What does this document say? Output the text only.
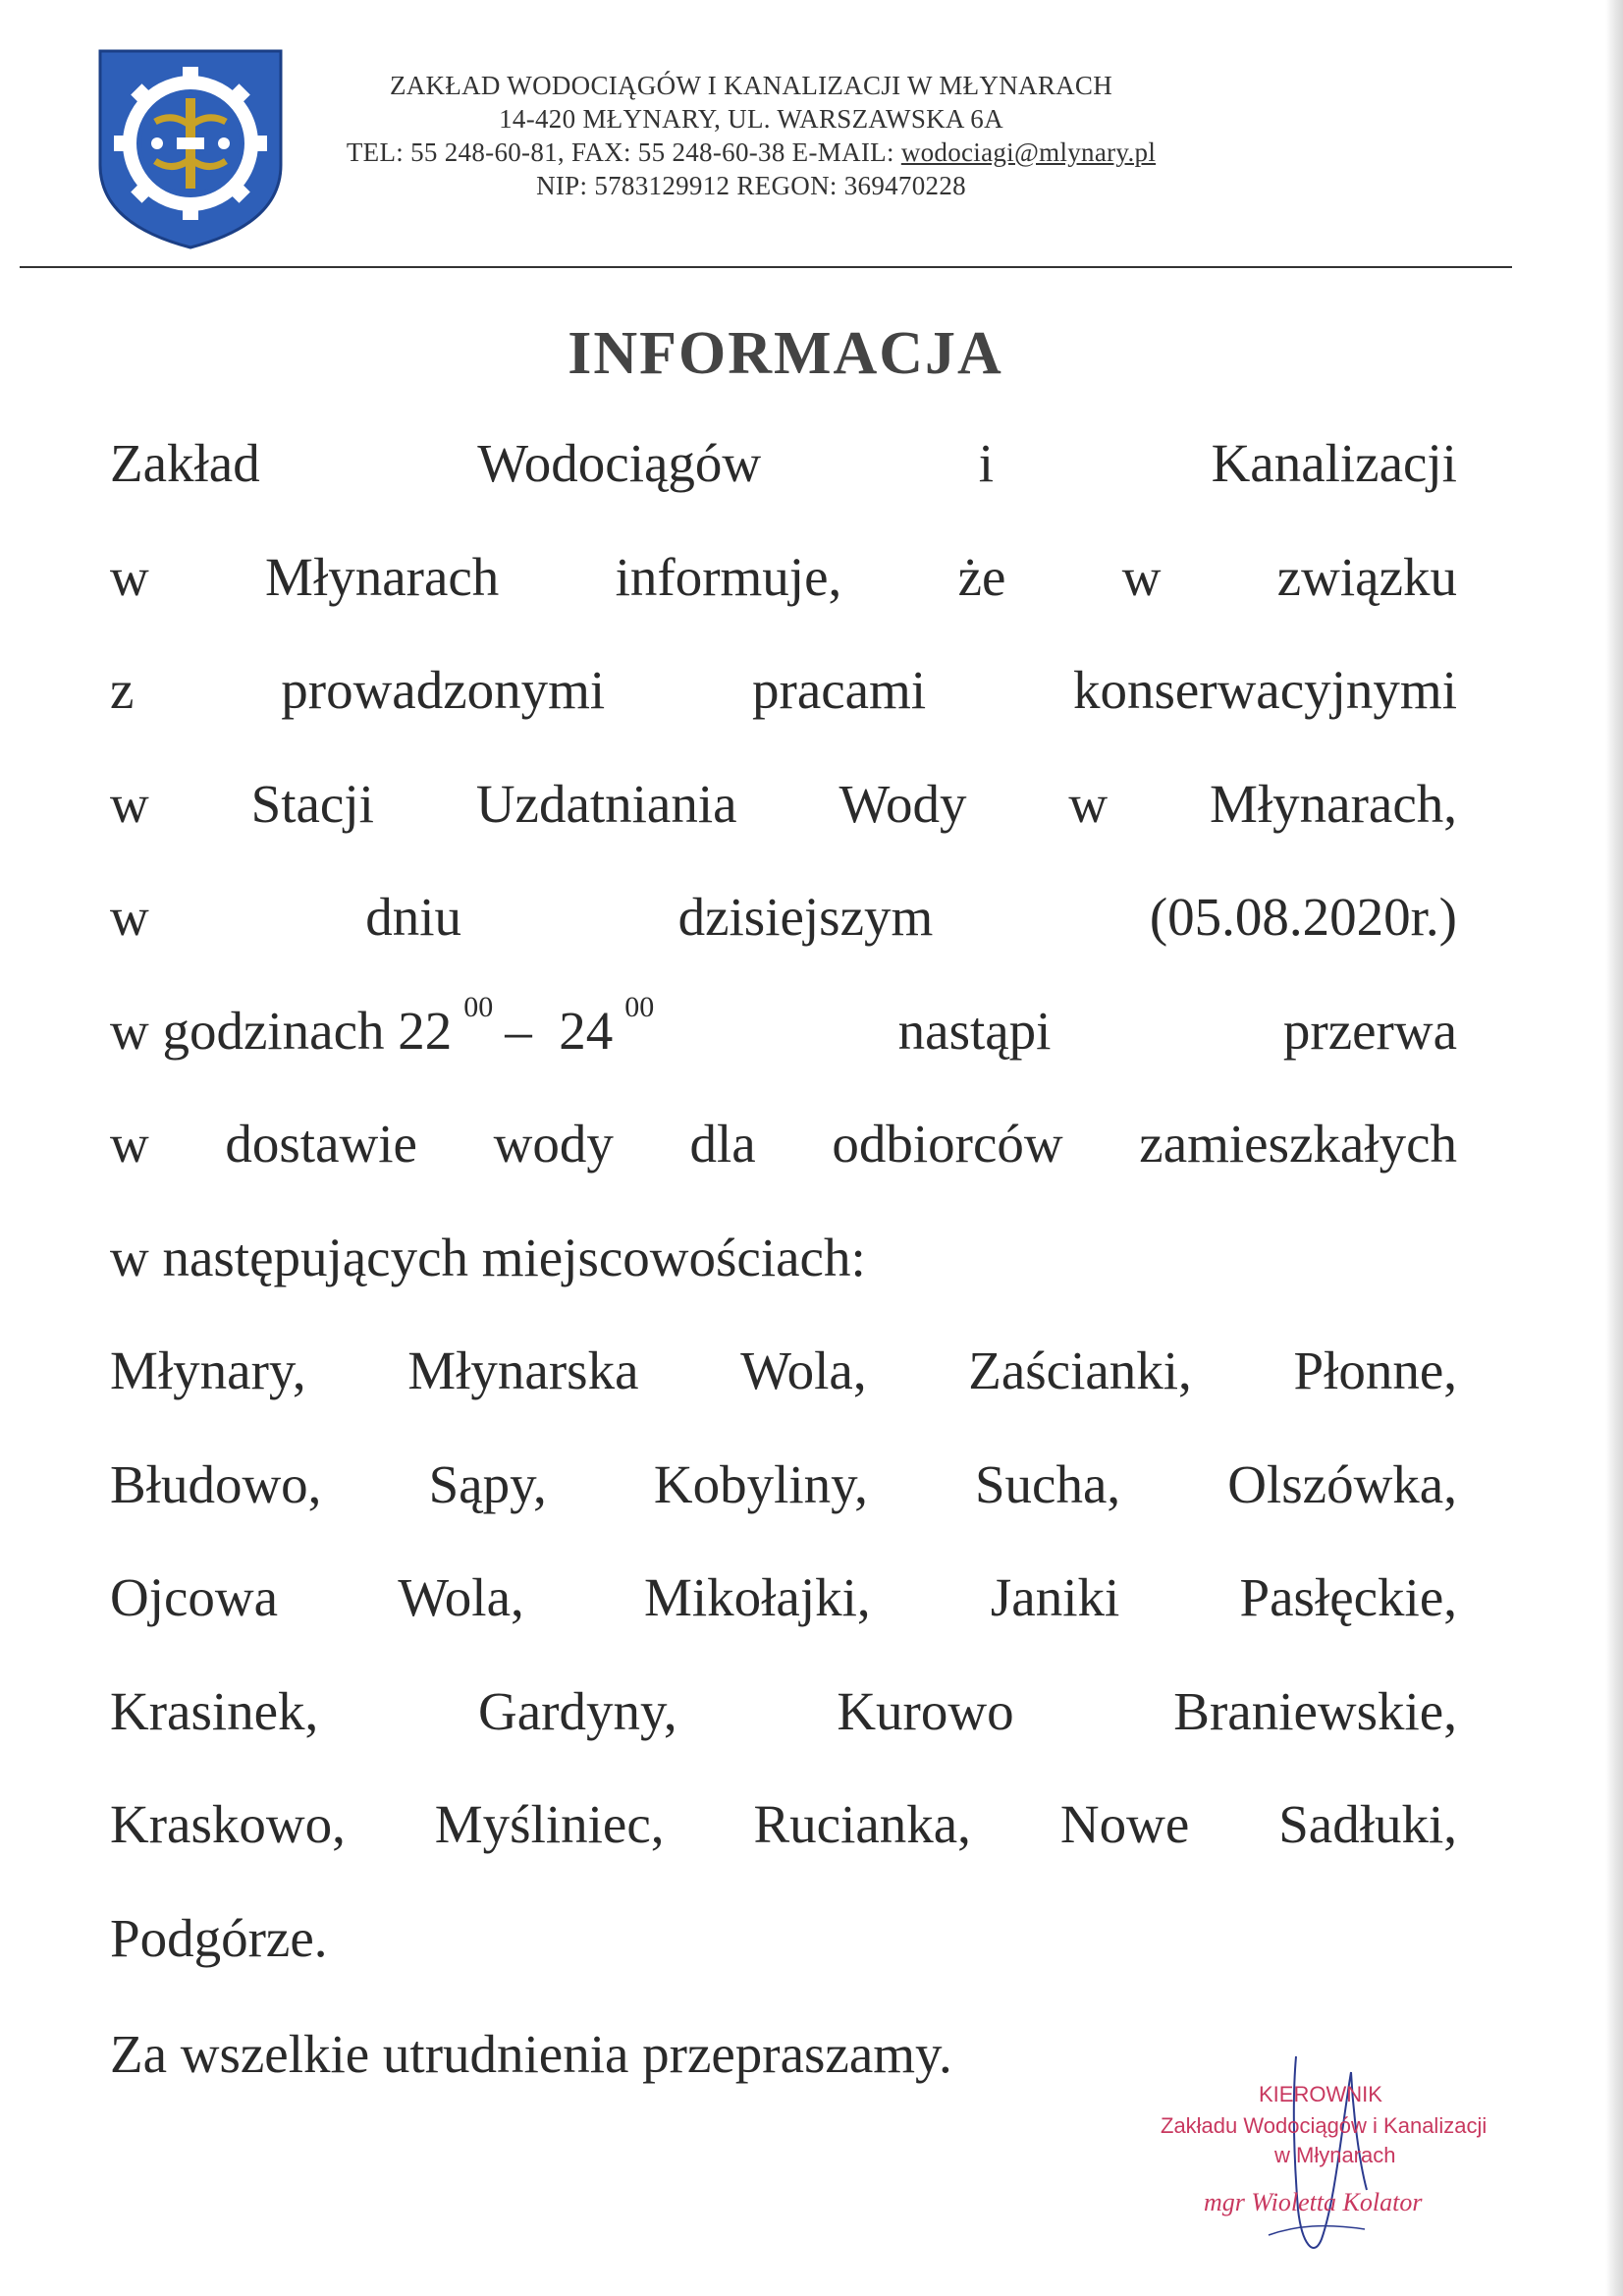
ZAKŁAD WODOCIĄGÓW I KANALIZACJI W MŁYNARACH
14-420 MŁYNARY, UL. WARSZAWSKA 6A
TEL: 55 248-60-81, FAX: 55 248-60-38 E-MAIL: wodociagi@mlynary.pl
NIP: 5783129912 REGON: 369470228
INFORMACJA
Zakład	Wodociągów	i	Kanalizacji
w Młynarach informuje, że w związku
z	prowadzonymi	pracami	konserwacyjnymi
w Stacji Uzdatniania Wody w Młynarach,
w	dniu	dzisiejszym	(05.08.2020r.)
w godzinach 22 $^{00}$ – 24 $^{00}$	nastąpi	przerwa
w dostawie wody dla odbiorców zamieszkałych
w następujących miejscowościach:
Młynary, Młynarska Wola, Zaścianki, Płonne,
Błudowo, Sąpy, Kobyliny, Sucha, Olszówka,
Ojcowa Wola, Mikołajki, Janiki Pasłęckie,
Krasinek,	Gardyny,	Kurowo	Braniewskie,
Kraskowo, Myśliniec, Rucianka, Nowe Sadłuki,
Podgórze.
Za wszelkie utrudnienia przepraszamy.
KIEROWNIK
Zakładu Wodociągów i Kanalizacji
w Młynarach
mgr Wioletta Kolator
